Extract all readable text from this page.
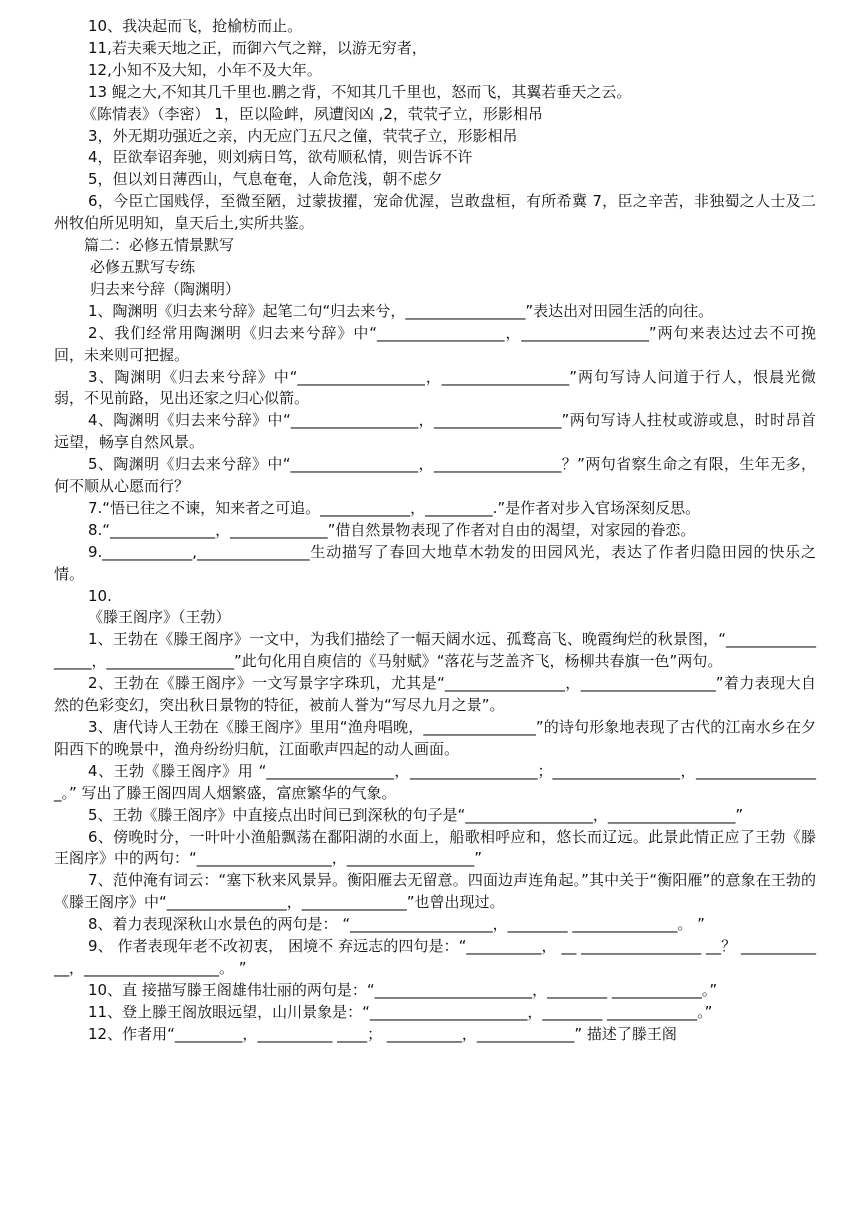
10、我决起而飞，抢榆枋而止。
11,若夫乘天地之正，而御六气之辩，以游无穷者，
12,小知不及大知，小年不及大年。
13 鲲之大,不知其几千里也.鹏之背，不知其几千里也，怒而飞，其翼若垂天之云。
《陈情表》（李密） 1，臣以险衅，夙遭闵凶 ,2，茕茕孑立，形影相吊
3，外无期功强近之亲，内无应门五尺之僮，茕茕孑立，形影相吊
4，臣欲奉诏奔驰，则刘病日笃，欲苟顺私情，则告诉不许
5，但以刘日薄西山，气息奄奄，人命危浅，朝不虑夕
6，今臣亡国贱俘，至微至陋，过蒙拔擢，宠命优渥，岂敢盘桓，有所希冀 7，臣之辛苦，非独蜀之人士及二州牧伯所见明知，皇天后土,实所共鉴。
篇二：必修五情景默写
必修五默写专练
归去来兮辞（陶渊明）
1、陶渊明《归去来兮辞》起笔二句“归去来兮，________________”表达出对田园生活的向往。
2、我们经常用陶渊明《归去来兮辞》中“_________________，_________________”两句来表达过去不可挽回，未来则可把握。
3、陶渊明《归去来兮辞》中“_________________，_________________”两句写诗人问道于行人，恨晨光微弱，不见前路，见出还家之归心似箭。
4、陶渊明《归去来兮辞》中“_________________，_________________”两句写诗人拄杖或游或息，时时昂首远望，畅享自然风景。
5、陶渊明《归去来兮辞》中“_________________，_________________？”两句省察生命之有限，生年无多，何不顺从心愿而行？
7.“悟已往之不谏，知来者之可追。____________，_________.”是作者对步入官场深刻反思。
8.“______________，_____________”借自然景物表现了作者对自由的渴望，对家园的眷恋。
9.____________,_______________生动描写了春回大地草木勃发的田园风光，表达了作者归隐田园的快乐之情。
10.
《滕王阁序》（王勃）
1、王勃在《滕王阁序》一文中，为我们描绘了一幅天阔水远、孤鹜高飞、晚霞绚烂的秋景图，“_________________，_________________”此句化用自庾信的《马射赋》“落花与芝盖齐飞，杨柳共春旗一色”两句。
2、王勃在《滕王阁序》一文写景字字珠玑，尤其是“________________，__________________”着力表现大自然的色彩变幻，突出秋日景物的特征，被前人誉为“写尽九月之景”。
3、唐代诗人王勃在《滕王阁序》里用“渔舟唱晚，_______________”的诗句形象地表现了古代的江南水乡在夕阳西下的晚景中，渔舟纷纷归航，江面歌声四起的动人画面。
4、王勃《滕王阁序》用 “_________________，_________________；_________________，_________________。” 写出了滕王阁四周人烟繁盛，富庶繁华的气象。
5、王勃《滕王阁序》中直接点出时间已到深秋的句子是“_________________，_________________”
6、傍晚时分，一叶叶小渔船飘荡在鄱阳湖的水面上，船歌相呼应和，悠长而辽远。此景此情正应了王勃《滕王阁序》中的两句：“__________________，_________________”
7、范仲淹有词云：“塞下秋来风景异。衡阳雁去无留意。四面边声连角起。”其中关于“衡阳雁”的意象在王勃的《滕王阁序》中“________________，______________”也曾出现过。
8、着力表现深秋山水景色的两句是： “___________________，________ ______________。 ”
9、 作者表现年老不改初衷， 困境不 弃远志的四句是：“__________， __ ________________ __？ __________ __，__________________。 ”
10、直 接描写滕王阁雄伟壮丽的两句是：“_____________________，________ ____________。”
11、登上滕王阁放眼远望，山川景象是：“_____________________，________ ____________。”
12、作者用“_________，__________ ____； __________，_____________” 描述了滕王阁
